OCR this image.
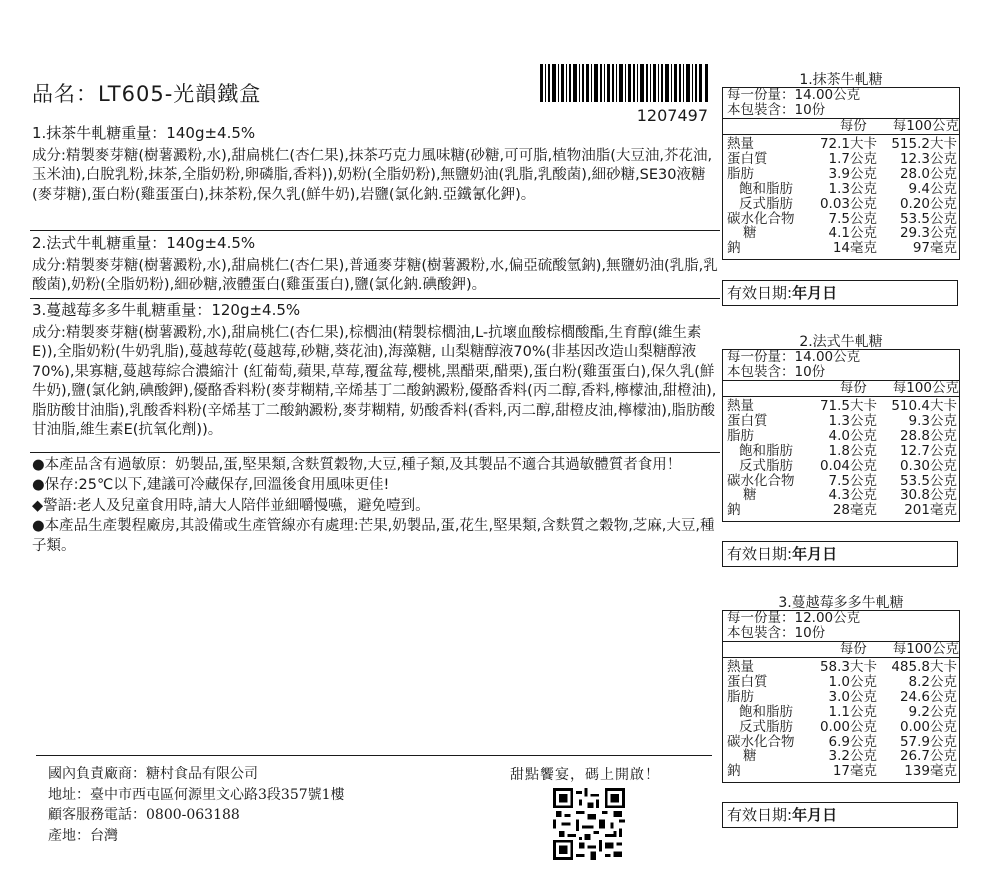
品名：LT605-光韻鐵盒
1207497

1.抹茶牛軋糖重量：140g±4.5%

成分:精製麥芽糖(樹薯澱粉,水),甜扁桃仁(杏仁果),抹茶巧克力風味糖(砂糖,可可脂,植物油脂(大豆油,芥花油,玉米油),白脫乳粉,抹茶,全脂奶粉,卵磷脂,香料)),奶粉(全脂奶粉),無鹽奶油(乳脂,乳酸菌),細砂糖,SE30液糖(麥芽糖),蛋白粉(雞蛋蛋白),抹茶粉,保久乳(鮮牛奶),岩鹽(氯化鈉.亞鐵氰化鉀)。

2.法式牛軋糖重量：140g±4.5%

成分:精製麥芽糖(樹薯澱粉,水),甜扁桃仁(杏仁果),普通麥芽糖(樹薯澱粉,水,偏亞硫酸氫鈉),無鹽奶油(乳脂,乳酸菌),奶粉(全脂奶粉),細砂糖,液體蛋白(雞蛋蛋白),鹽(氯化鈉.碘酸鉀)。

3.蔓越莓多多牛軋糖重量：120g±4.5%

成分:精製麥芽糖(樹薯澱粉,水),甜扁桃仁(杏仁果),棕櫚油(精製棕櫚油,L-抗壞血酸棕櫚酸酯,生育醇(維生素E)),全脂奶粉(牛奶乳脂),蔓越莓乾(蔓越莓,砂糖,葵花油),海藻糖, 山梨糖醇液70%(非基因改造山梨糖醇液70%),果寡糖,蔓越莓綜合濃縮汁 (紅葡萄,蘋果,草莓,覆盆莓,櫻桃,黑醋栗,醋栗),蛋白粉(雞蛋蛋白),保久乳(鮮牛奶),鹽(氯化鈉,碘酸鉀),優酪香料粉(麥芽糊精,辛烯基丁二酸鈉澱粉,優酪香料(丙二醇,香料,檸檬油,甜橙油),脂肪酸甘油脂),乳酸香料粉(辛烯基丁二酸鈉澱粉,麥芽糊精, 奶酸香料(香料,丙二醇,甜橙皮油,檸檬油),脂肪酸甘油脂,維生素E(抗氧化劑))。

●本產品含有過敏原：奶製品,蛋,堅果類,含麩質穀物,大豆,種子類,及其製品不適合其過敏體質者食用！

●保存:25℃以下,建議可冷藏保存,回溫後食用風味更佳!

◆警語:老人及兒童食用時,請大人陪伴並細嚼慢嚥，避免噎到。

●本產品生產製程廠房,其設備或生產管線亦有處理:芒果,奶製品,蛋,花生,堅果類,含麩質之穀物,芝麻,大豆,種子類。

國內負責廠商：糖村食品有限公司
地址：臺中市西屯區何源里文心路3段357號1樓
顧客服務電話：0800-063188
產地：台灣
甜點饗宴，碼上開啟！
1.抹茶牛軋糖
每一份量：14.00公克
本包裝含：10份
每份 每100公克
熱量	72.1大卡	515.2大卡
蛋白質	1.7公克	12.3公克
脂肪	3.9公克	28.0公克
飽和脂肪	1.3公克	9.4公克
反式脂肪	0.03公克	0.20公克
碳水化合物	7.5公克	53.5公克
糖	4.1公克	29.3公克
鈉	14毫克	97毫克
有效日期:年月日
2.法式牛軋糖
每一份量：14.00公克
本包裝含：10份
每份 每100公克
熱量	71.5大卡	510.4大卡
蛋白質	1.3公克	9.3公克
脂肪	4.0公克	28.8公克
飽和脂肪	1.8公克	12.7公克
反式脂肪	0.04公克	0.30公克
碳水化合物	7.5公克	53.5公克
糖	4.3公克	30.8公克
鈉	28毫克	201毫克
有效日期:年月日
3.蔓越莓多多牛軋糖
每一份量：12.00公克
本包裝含：10份
每份 每100公克
熱量	58.3大卡	485.8大卡
蛋白質	1.0公克	8.2公克
脂肪	3.0公克	24.6公克
飽和脂肪	1.1公克	9.2公克
反式脂肪	0.00公克	0.00公克
碳水化合物	6.9公克	57.9公克
糖	3.2公克	26.7公克
鈉	17毫克	139毫克
有效日期:年月日
